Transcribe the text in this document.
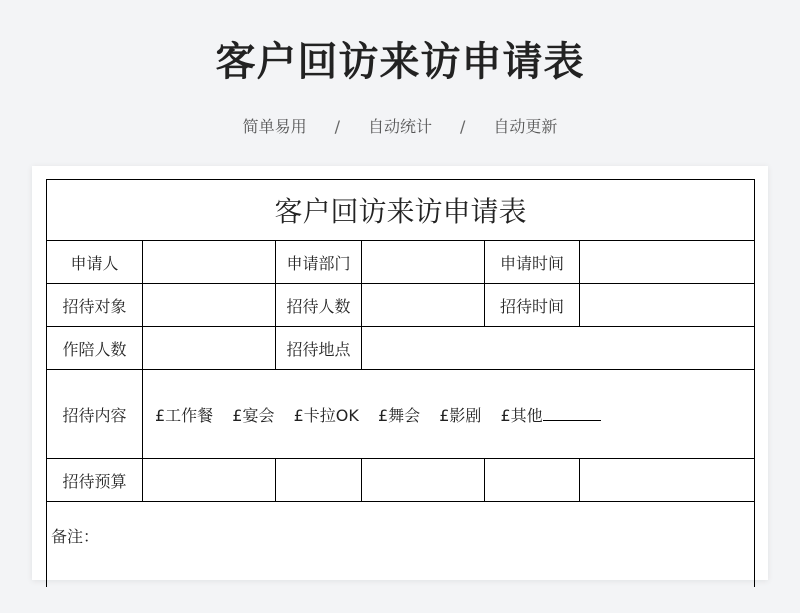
客户回访来访申请表
简单易用 / 自动统计 / 自动更新
客户回访来访申请表					
申请人		申请部门		申请时间	
招待对象		招待人数		招待时间	
作陪人数		招待地点			
招待内容	£工作餐 £宴会 £卡拉OK £舞会 £影剧 £其他				
招待预算					
备注：					
